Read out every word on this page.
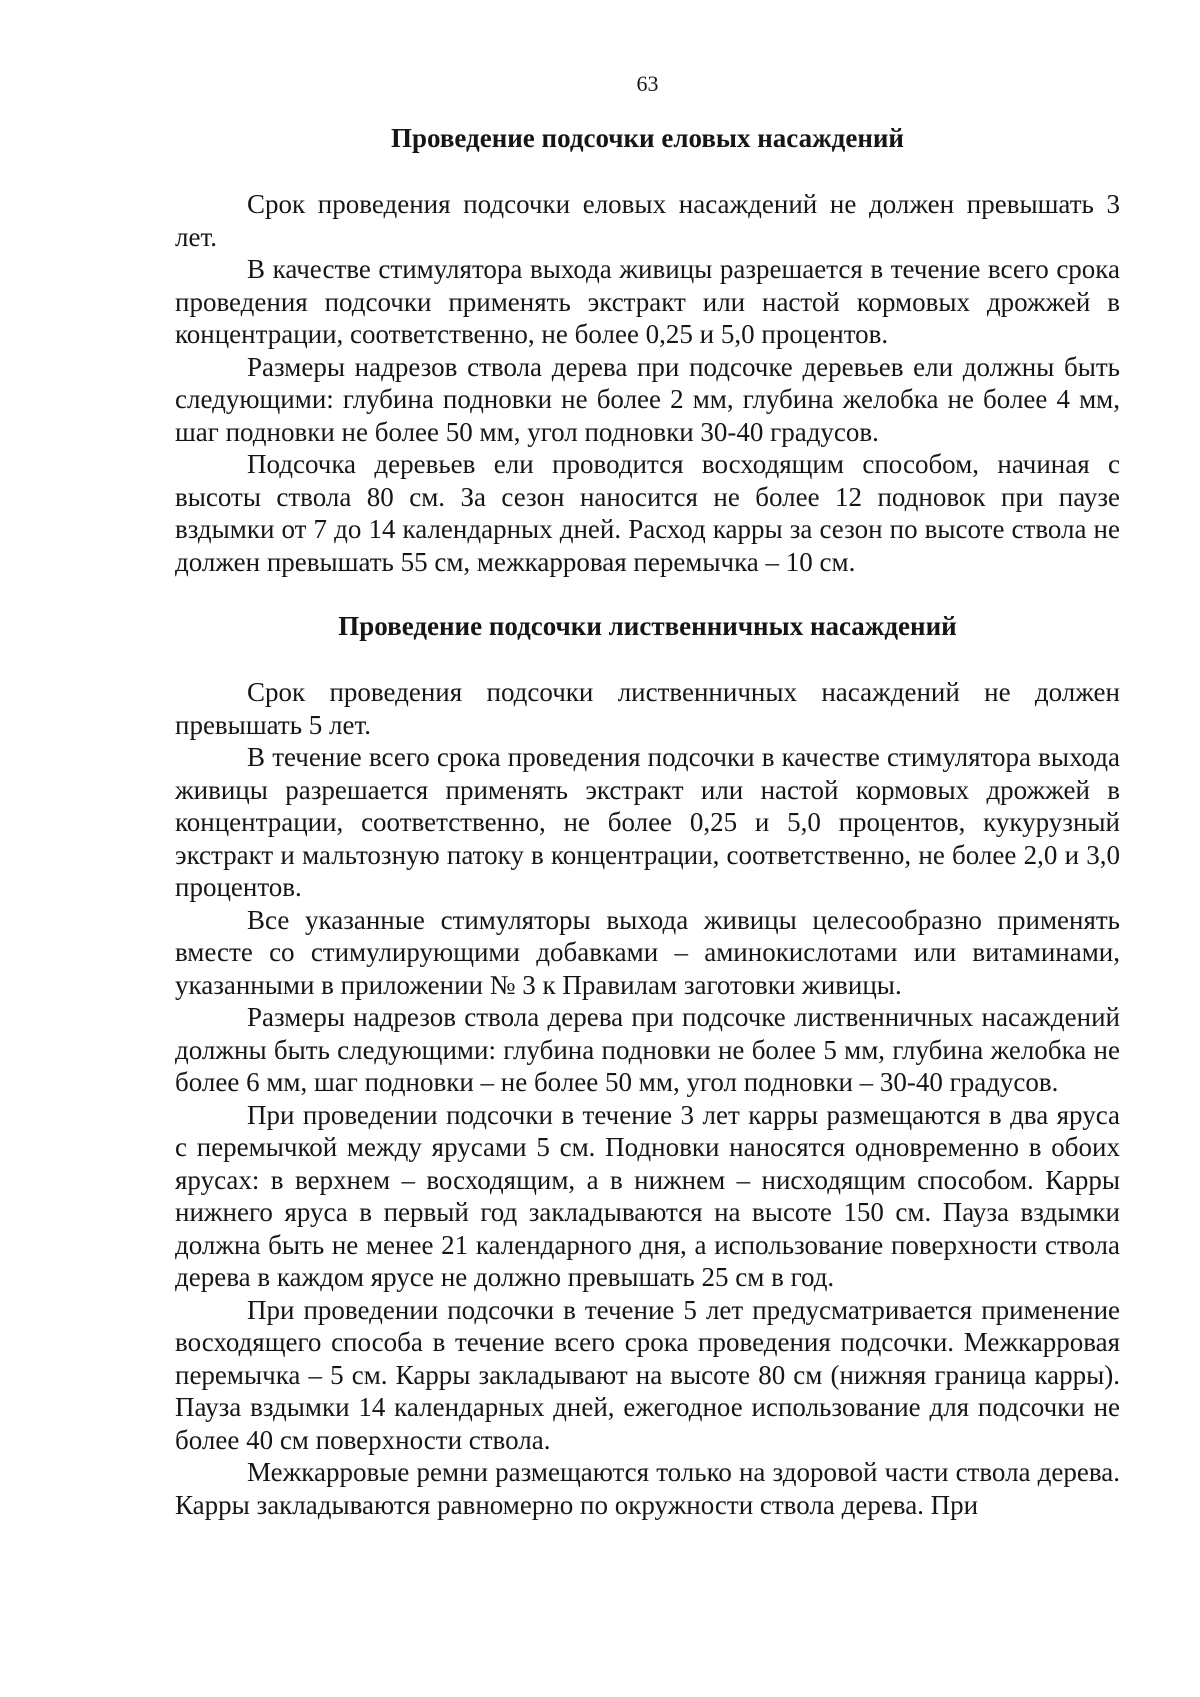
63
Проведение подсочки еловых насаждений

Срок проведения подсочки еловых насаждений не должен превышать 3 лет.

В качестве стимулятора выхода живицы разрешается в течение всего срока проведения подсочки применять экстракт или настой кормовых дрожжей в концентрации, соответственно, не более 0,25 и 5,0 процентов.

Размеры надрезов ствола дерева при подсочке деревьев ели должны быть следующими: глубина подновки не более 2 мм, глубина желобка не более 4 мм, шаг подновки не более 50 мм, угол подновки 30-40 градусов.

Подсочка деревьев ели проводится восходящим способом, начиная с высоты ствола 80 см. За сезон наносится не более 12 подновок при паузе вздымки от 7 до 14 календарных дней. Расход карры за сезон по высоте ствола не должен превышать 55 см, межкарровая перемычка – 10 см.

Проведение подсочки лиственничных насаждений

Срок проведения подсочки лиственничных насаждений не должен превышать 5 лет.

В течение всего срока проведения подсочки в качестве стимулятора выхода живицы разрешается применять экстракт или настой кормовых дрожжей в концентрации, соответственно, не более 0,25 и 5,0 процентов, кукурузный экстракт и мальтозную патоку в концентрации, соответственно, не более 2,0 и 3,0 процентов.

Все указанные стимуляторы выхода живицы целесообразно применять вместе со стимулирующими добавками – аминокислотами или витаминами, указанными в приложении № 3 к Правилам заготовки живицы.

Размеры надрезов ствола дерева при подсочке лиственничных насаждений должны быть следующими: глубина подновки не более 5 мм, глубина желобка не более 6 мм, шаг подновки – не более 50 мм, угол подновки – 30-40 градусов.

При проведении подсочки в течение 3 лет карры размещаются в два яруса с перемычкой между ярусами 5 см. Подновки наносятся одновременно в обоих ярусах: в верхнем – восходящим, а в нижнем – нисходящим способом. Карры нижнего яруса в первый год закладываются на высоте 150 см. Пауза вздымки должна быть не менее 21 календарного дня, а использование поверхности ствола дерева в каждом ярусе не должно превышать 25 см в год.

При проведении подсочки в течение 5 лет предусматривается применение восходящего способа в течение всего срока проведения подсочки. Межкарровая перемычка – 5 см. Карры закладывают на высоте 80 см (нижняя граница карры). Пауза вздымки 14 календарных дней, ежегодное использование для подсочки не более 40 см поверхности ствола.

Межкарровые ремни размещаются только на здоровой части ствола дерева. Карры закладываются равномерно по окружности ствола дерева. При
